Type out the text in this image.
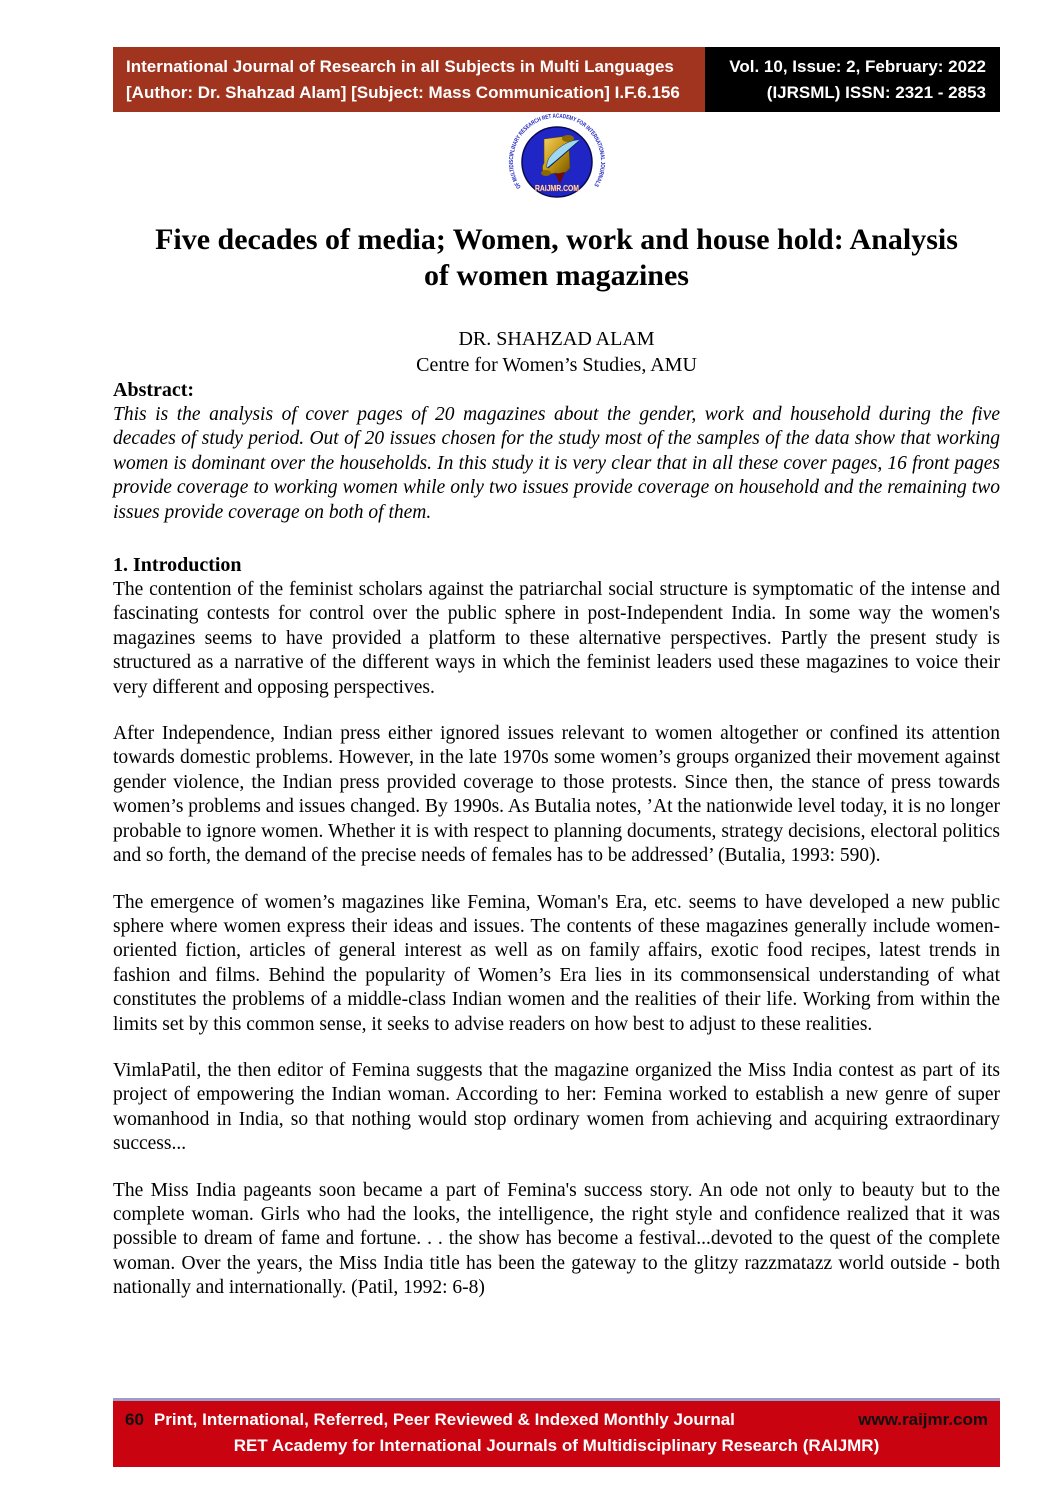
International Journal of Research in all Subjects in Multi Languages
[Author: Dr. Shahzad Alam] [Subject: Mass Communication] I.F.6.156
Vol. 10, Issue: 2, February: 2022
(IJRSML) ISSN: 2321 - 2853
OF MULTIDISCIPLINARY RESEARCH RET ACADEMY FOR INTERNATIONAL JOURNALS
RAIJMR.COM
Five decades of media; Women, work and house hold: Analysis
of women magazines
DR. SHAHZAD ALAM
Centre for Women’s Studies, AMU
Abstract:

This is the analysis of cover pages of 20 magazines about the gender, work and household during the five decades of study period. Out of 20 issues chosen for the study most of the samples of the data show that working women is dominant over the households. In this study it is very clear that in all these cover pages, 16 front pages provide coverage to working women while only two issues provide coverage on household and the remaining two issues provide coverage on both of them.

1. Introduction

The contention of the feminist scholars against the patriarchal social structure is symptomatic of the intense and fascinating contests for control over the public sphere in post-Independent India. In some way the women's magazines seems to have provided a platform to these alternative perspectives. Partly the present study is structured as a narrative of the different ways in which the feminist leaders used these magazines to voice their very different and opposing perspectives.

After Independence, Indian press either ignored issues relevant to women altogether or confined its attention towards domestic problems. However, in the late 1970s some women’s groups organized their movement against gender violence, the Indian press provided coverage to those protests. Since then, the stance of press towards women’s problems and issues changed. By 1990s. As Butalia notes, ’At the nationwide level today, it is no longer probable to ignore women. Whether it is with respect to planning documents, strategy decisions, electoral politics and so forth, the demand of the precise needs of females has to be addressed’ (Butalia, 1993: 590).

The emergence of women’s magazines like Femina, Woman's Era, etc. seems to have developed a new public sphere where women express their ideas and issues. The contents of these magazines generally include women-oriented fiction, articles of general interest as well as on family affairs, exotic food recipes, latest trends in fashion and films. Behind the popularity of Women’s Era lies in its commonsensical understanding of what constitutes the problems of a middle-class Indian women and the realities of their life. Working from within the limits set by this common sense, it seeks to advise readers on how best to adjust to these realities.

VimlaPatil, the then editor of Femina suggests that the magazine organized the Miss India contest as part of its project of empowering the Indian woman. According to her: Femina worked to establish a new genre of super womanhood in India, so that nothing would stop ordinary women from achieving and acquiring extraordinary success...

The Miss India pageants soon became a part of Femina's success story. An ode not only to beauty but to the complete woman. Girls who had the looks, the intelligence, the right style and confidence realized that it was possible to dream of fame and fortune. . . the show has become a festival...devoted to the quest of the complete woman. Over the years, the Miss India title has been the gateway to the glitzy razzmatazz world outside - both nationally and internationally. (Patil, 1992: 6-8)

60 Print, International, Referred, Peer Reviewed & Indexed Monthly Journal	www.raijmr.com
RET Academy for International Journals of Multidisciplinary Research (RAIJMR)
